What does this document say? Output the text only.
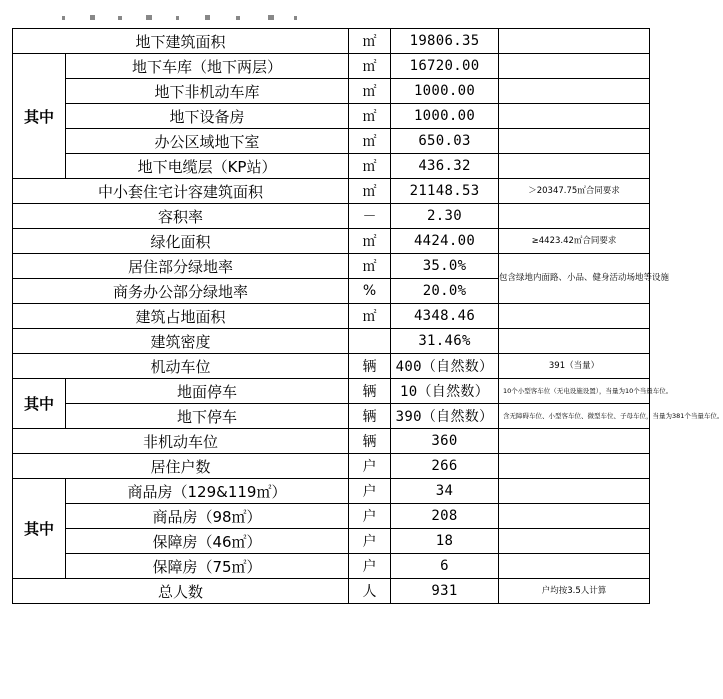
地下建筑面积		㎡	19806.35	
其中	地下车库（地下两层）	㎡	16720.00	
	地下非机动车库	㎡	1000.00	
	地下设备房	㎡	1000.00	
	办公区域地下室	㎡	650.03	
	地下电缆层（KP站）	㎡	436.32	
中小套住宅计容建筑面积		㎡	21148.53	＞20347.75㎡合同要求
容积率		－	2.30	
绿化面积		㎡	4424.00	≥4423.42㎡合同要求
居住部分绿地率		㎡	35.0%	包含绿地内面路、小品、健身活动场地等设施
商务办公部分绿地率		%	20.0%	
建筑占地面积		㎡	4348.46	
建筑密度			31.46%	
机动车位		辆	400（自然数）	391（当量）
其中	地面停车	辆	10（自然数）	10个小型客车位（无电设施设置），当量为10个当量车位。
	地下停车	辆	390（自然数）	含无障碍车位、小型客车位、微型车位、子母车位，当量为381个当量车位。
非机动车位		辆	360	
居住户数		户	266	
其中	商品房（129&119㎡）	户	34	
	商品房（98㎡）	户	208	
	保障房（46㎡）	户	18	
	保障房（75㎡）	户	6	
总人数		人	931	户均按3.5人计算
